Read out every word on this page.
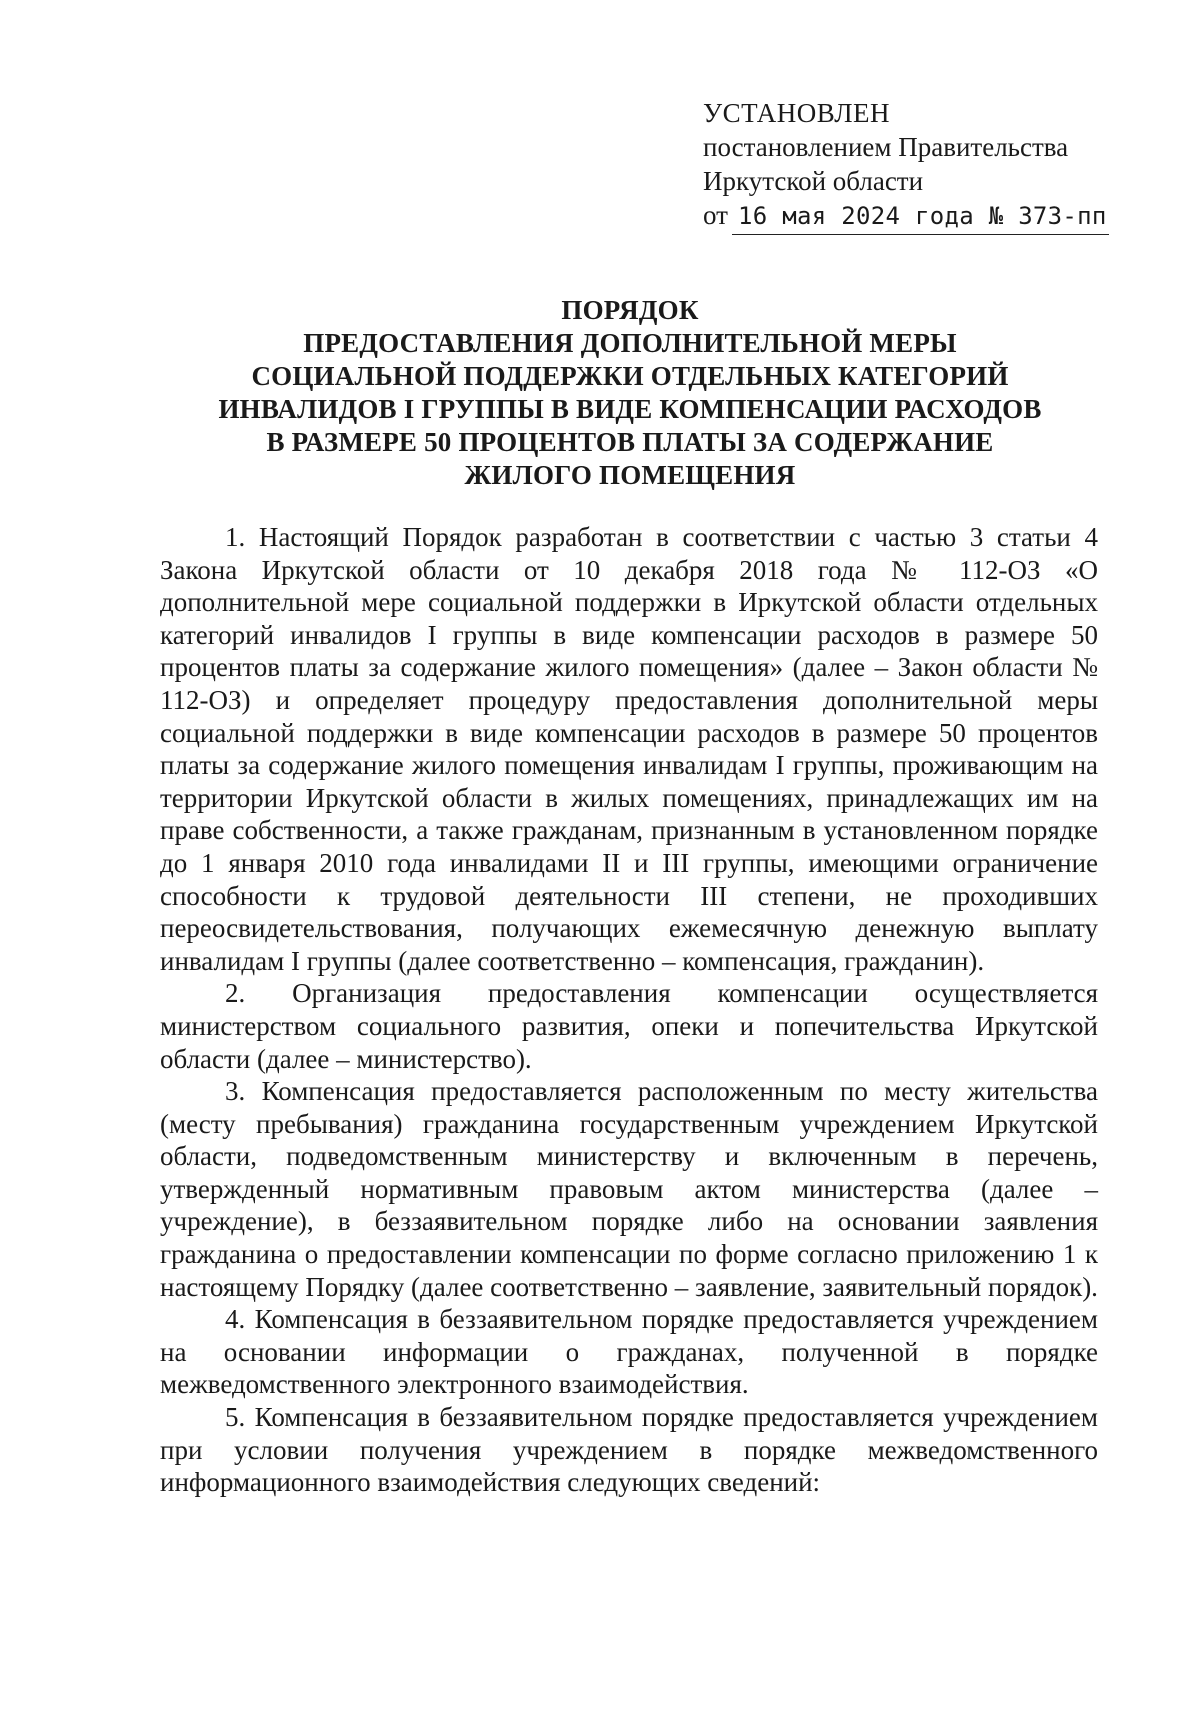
УСТАНОВЛЕН
постановлением Правительства
Иркутской области
от 16 мая 2024 года № 373-пп
ПОРЯДОК
ПРЕДОСТАВЛЕНИЯ ДОПОЛНИТЕЛЬНОЙ МЕРЫ
СОЦИАЛЬНОЙ ПОДДЕРЖКИ ОТДЕЛЬНЫХ КАТЕГОРИЙ
ИНВАЛИДОВ I ГРУППЫ В ВИДЕ КОМПЕНСАЦИИ РАСХОДОВ
В РАЗМЕРЕ 50 ПРОЦЕНТОВ ПЛАТЫ ЗА СОДЕРЖАНИЕ
ЖИЛОГО ПОМЕЩЕНИЯ

1. Настоящий Порядок разработан в соответствии с частью 3 статьи 4 Закона Иркутской области от 10 декабря 2018 года № 112-ОЗ «О дополнительной мере социальной поддержки в Иркутской области отдельных категорий инвалидов I группы в виде компенсации расходов в размере 50 процентов платы за содержание жилого помещения» (далее – Закон области № 112-ОЗ) и определяет процедуру предоставления дополнительной меры социальной поддержки в виде компенсации расходов в размере 50 процентов платы за содержание жилого помещения инвалидам I группы, проживающим на территории Иркутской области в жилых помещениях, принадлежащих им на праве собственности, а также гражданам, признанным в установленном порядке до 1 января 2010 года инвалидами II и III группы, имеющими ограничение способности к трудовой деятельности III степени, не проходивших переосвидетельствования, получающих ежемесячную денежную выплату инвалидам I группы (далее соответственно – компенсация, гражданин).

2. Организация предоставления компенсации осуществляется министерством социального развития, опеки и попечительства Иркутской области (далее – министерство).

3. Компенсация предоставляется расположенным по месту жительства (месту пребывания) гражданина государственным учреждением Иркутской области, подведомственным министерству и включенным в перечень, утвержденный нормативным правовым актом министерства (далее – учреждение), в беззаявительном порядке либо на основании заявления гражданина о предоставлении компенсации по форме согласно приложению 1 к настоящему Порядку (далее соответственно – заявление, заявительный порядок).

4. Компенсация в беззаявительном порядке предоставляется учреждением на основании информации о гражданах, полученной в порядке межведомственного электронного взаимодействия.

5. Компенсация в беззаявительном порядке предоставляется учреждением при условии получения учреждением в порядке межведомственного информационного взаимодействия следующих сведений:
